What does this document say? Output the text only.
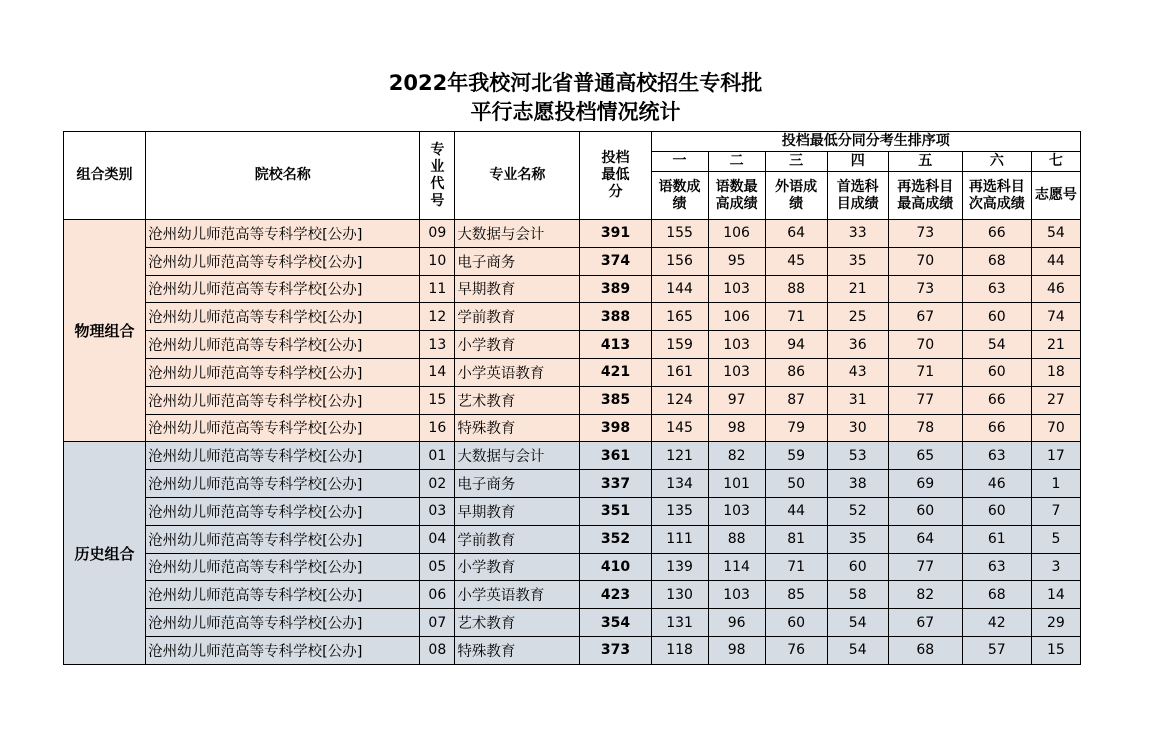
2022年我校河北省普通高校招生专科批
平行志愿投档情况统计
组合类别	院校名称	专业代号	专业名称	投档最低分	投档最低分同分考生排序项						
					一	二	三	四	五	六	七
					语数成绩	语数最高成绩	外语成绩	首选科目成绩	再选科目最高成绩	再选科目次高成绩	志愿号
物理组合	沧州幼儿师范高等专科学校[公办]	09	大数据与会计	391	155	106	64	33	73	66	54
	沧州幼儿师范高等专科学校[公办]	10	电子商务	374	156	95	45	35	70	68	44
	沧州幼儿师范高等专科学校[公办]	11	早期教育	389	144	103	88	21	73	63	46
	沧州幼儿师范高等专科学校[公办]	12	学前教育	388	165	106	71	25	67	60	74
	沧州幼儿师范高等专科学校[公办]	13	小学教育	413	159	103	94	36	70	54	21
	沧州幼儿师范高等专科学校[公办]	14	小学英语教育	421	161	103	86	43	71	60	18
	沧州幼儿师范高等专科学校[公办]	15	艺术教育	385	124	97	87	31	77	66	27
	沧州幼儿师范高等专科学校[公办]	16	特殊教育	398	145	98	79	30	78	66	70
历史组合	沧州幼儿师范高等专科学校[公办]	01	大数据与会计	361	121	82	59	53	65	63	17
	沧州幼儿师范高等专科学校[公办]	02	电子商务	337	134	101	50	38	69	46	1
	沧州幼儿师范高等专科学校[公办]	03	早期教育	351	135	103	44	52	60	60	7
	沧州幼儿师范高等专科学校[公办]	04	学前教育	352	111	88	81	35	64	61	5
	沧州幼儿师范高等专科学校[公办]	05	小学教育	410	139	114	71	60	77	63	3
	沧州幼儿师范高等专科学校[公办]	06	小学英语教育	423	130	103	85	58	82	68	14
	沧州幼儿师范高等专科学校[公办]	07	艺术教育	354	131	96	60	54	67	42	29
	沧州幼儿师范高等专科学校[公办]	08	特殊教育	373	118	98	76	54	68	57	15
